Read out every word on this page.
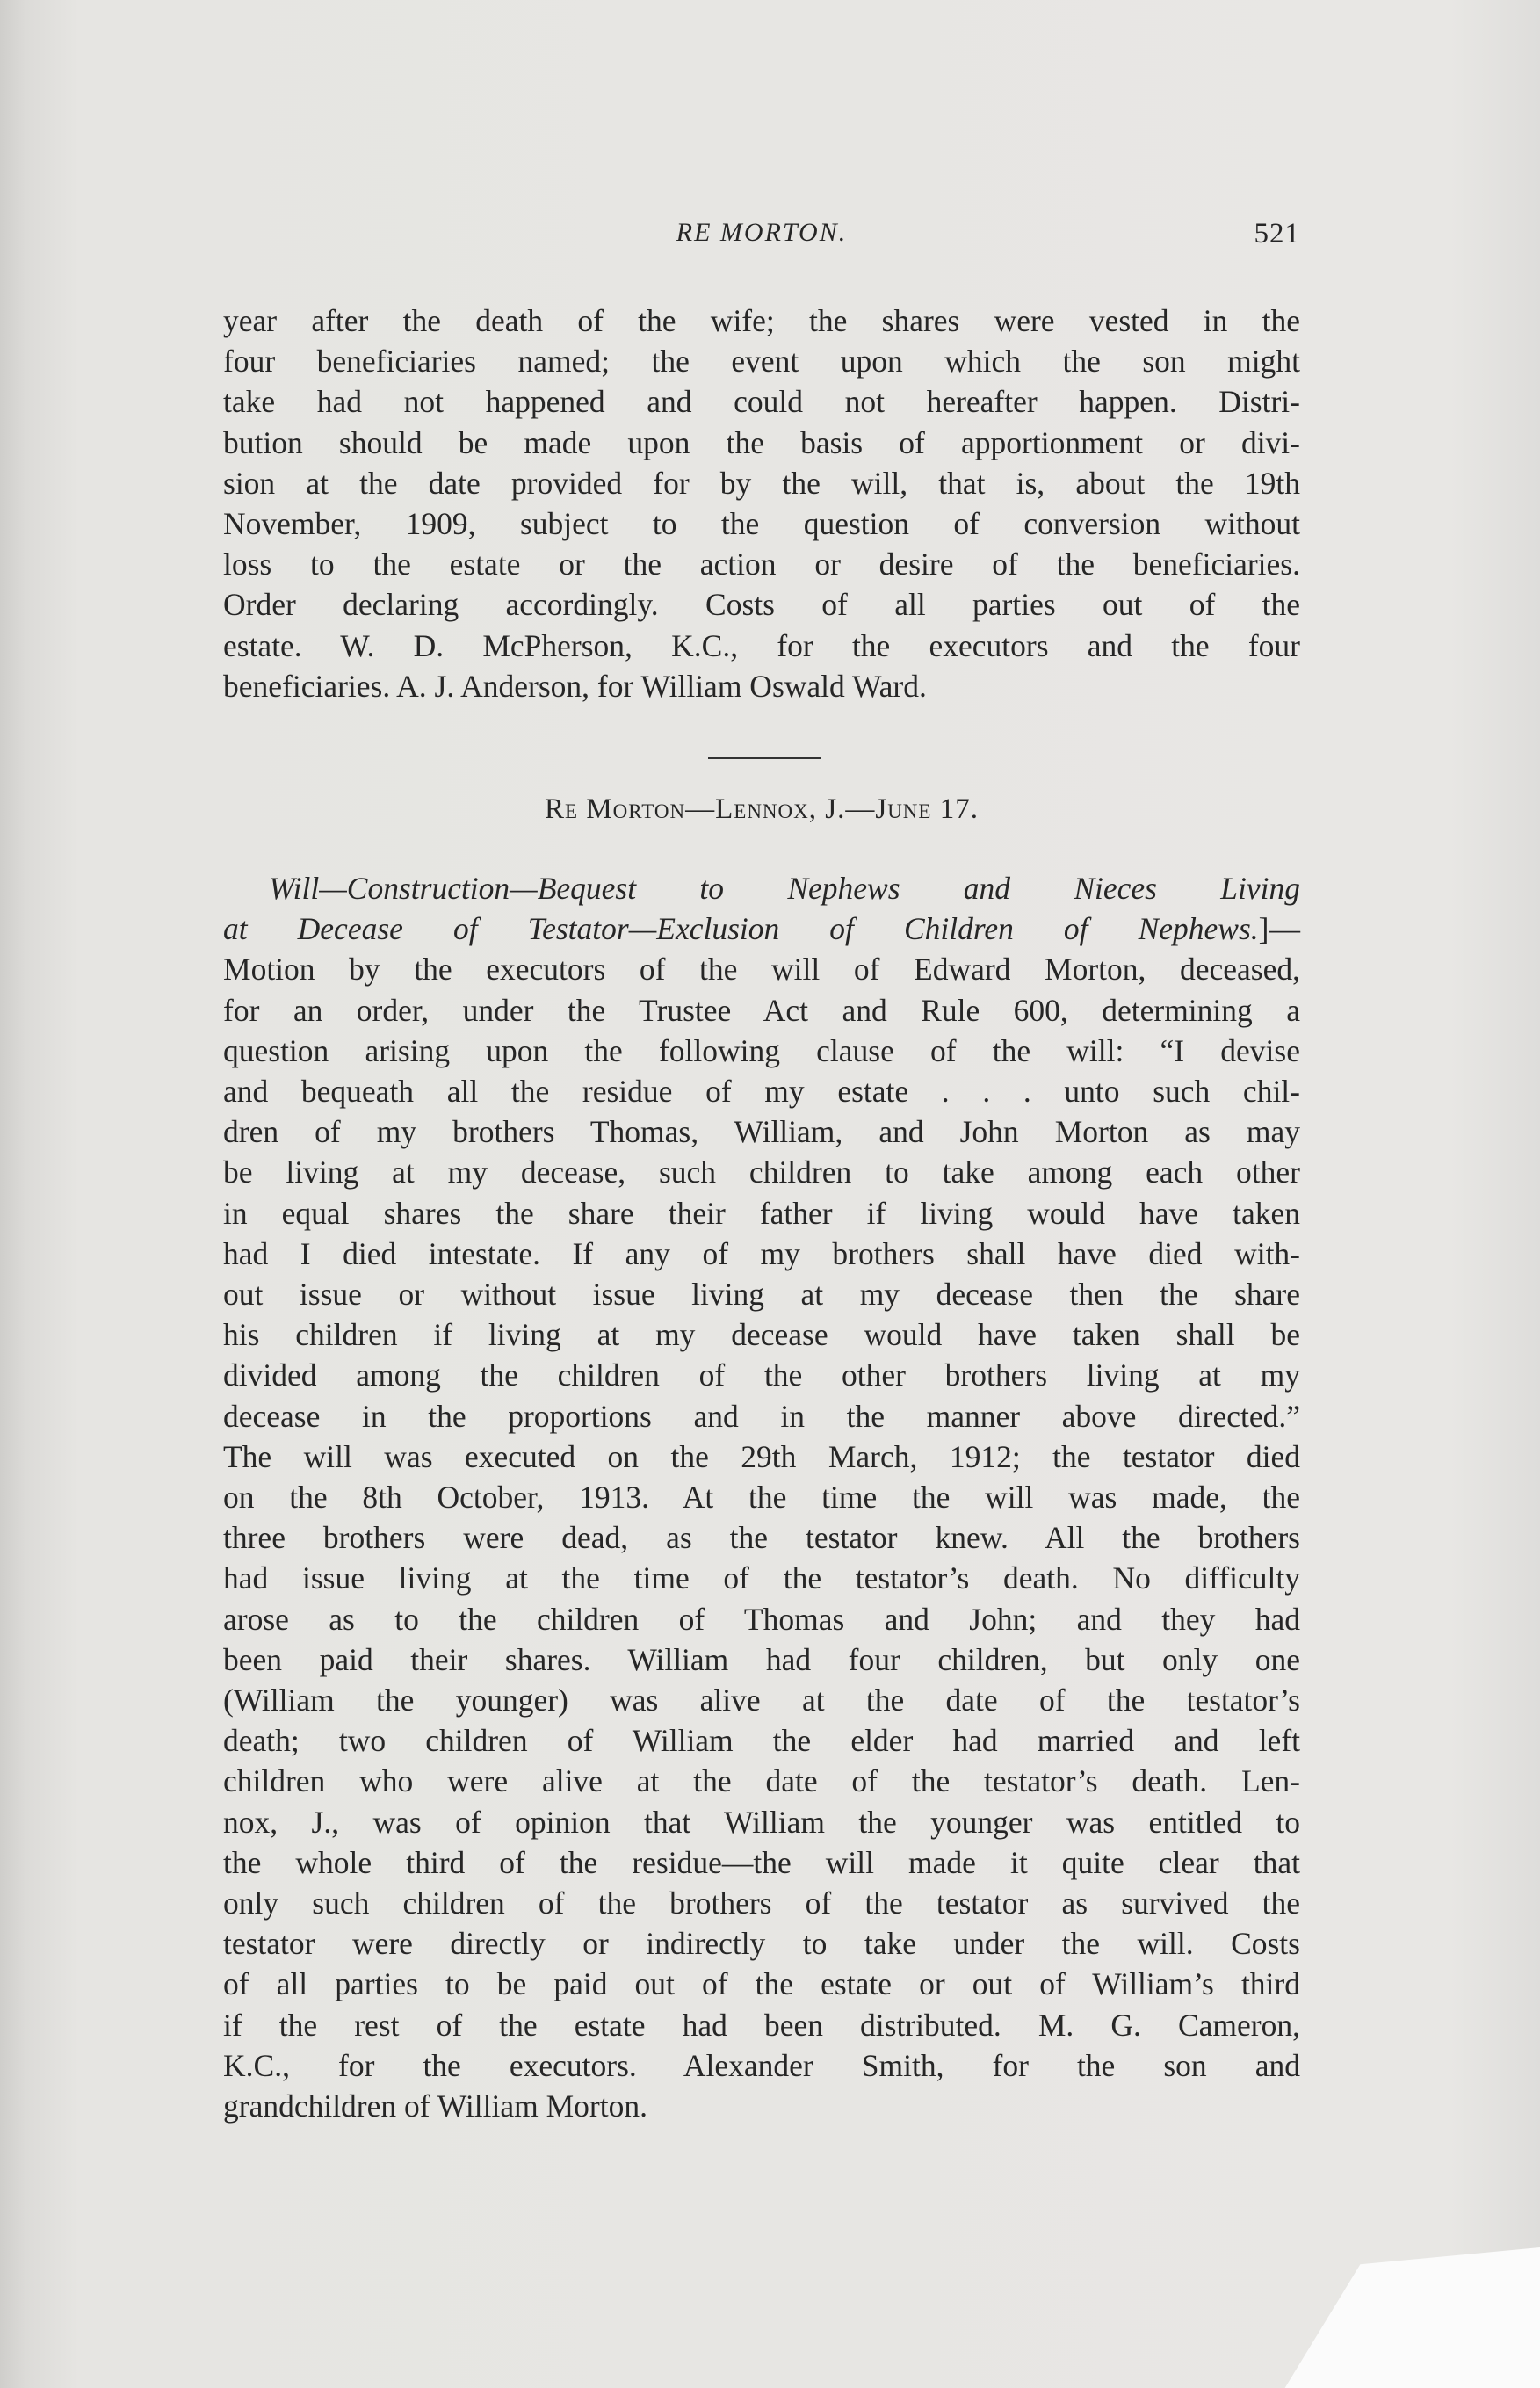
RE MORTON.	521
year after the death of the wife; the shares were vested in the
four beneficiaries named; the event upon which the son might
take had not happened and could not hereafter happen. Distri-
bution should be made upon the basis of apportionment or divi-
sion at the date provided for by the will, that is, about the 19th
November, 1909, subject to the question of conversion without
loss to the estate or the action or desire of the beneficiaries.
Order declaring accordingly. Costs of all parties out of the
estate. W. D. McPherson, K.C., for the executors and the four
beneficiaries. A. J. Anderson, for William Oswald Ward.
Re Morton—Lennox, J.—June 17.
Will—Construction—Bequest to Nephews and Nieces Living
at Decease of Testator—Exclusion of Children of Nephews.]—
Motion by the executors of the will of Edward Morton, deceased,
for an order, under the Trustee Act and Rule 600, determining a
question arising upon the following clause of the will: “I devise
and bequeath all the residue of my estate . . . unto such chil-
dren of my brothers Thomas, William, and John Morton as may
be living at my decease, such children to take among each other
in equal shares the share their father if living would have taken
had I died intestate. If any of my brothers shall have died with-
out issue or without issue living at my decease then the share
his children if living at my decease would have taken shall be
divided among the children of the other brothers living at my
decease in the proportions and in the manner above directed.”
The will was executed on the 29th March, 1912; the testator died
on the 8th October, 1913. At the time the will was made, the
three brothers were dead, as the testator knew. All the brothers
had issue living at the time of the testator’s death. No difficulty
arose as to the children of Thomas and John; and they had
been paid their shares. William had four children, but only one
(William the younger) was alive at the date of the testator’s
death; two children of William the elder had married and left
children who were alive at the date of the testator’s death. Len-
nox, J., was of opinion that William the younger was entitled to
the whole third of the residue—the will made it quite clear that
only such children of the brothers of the testator as survived the
testator were directly or indirectly to take under the will. Costs
of all parties to be paid out of the estate or out of William’s third
if the rest of the estate had been distributed. M. G. Cameron,
K.C., for the executors. Alexander Smith, for the son and
grandchildren of William Morton.
